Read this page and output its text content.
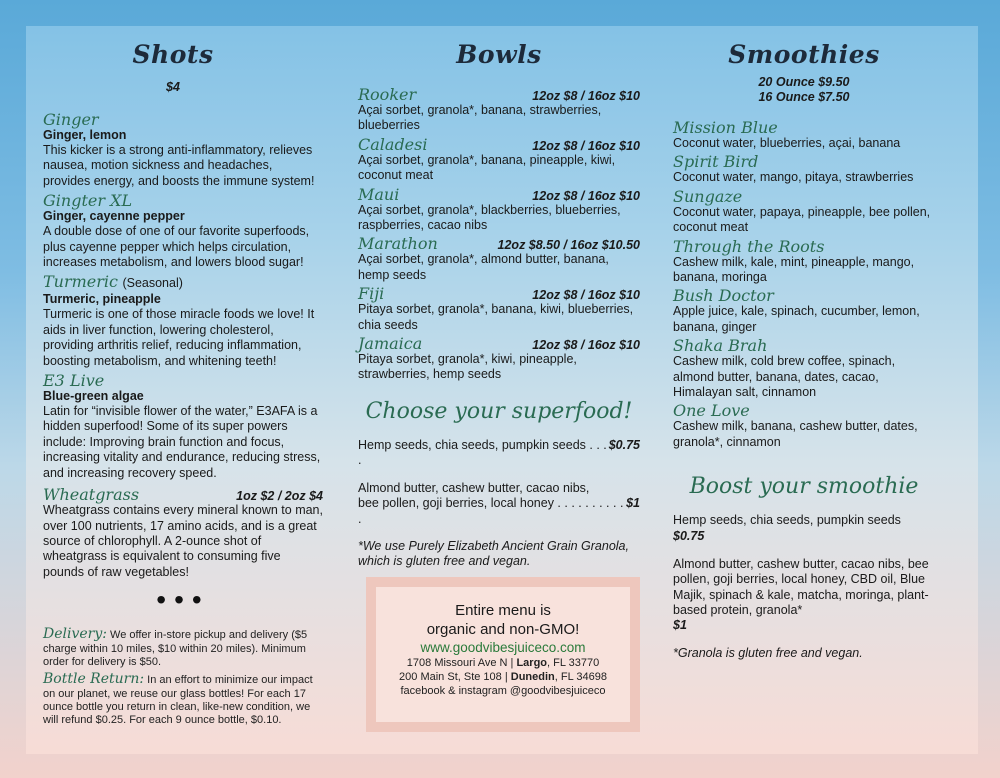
Shots
$4
Ginger
Ginger, lemon
This kicker is a strong anti-inflammatory, relieves nausea, motion sickness and headaches, provides energy, and boosts the immune system!
Gingter XL
Ginger, cayenne pepper
A double dose of one of our favorite superfoods, plus cayenne pepper which helps circulation, increases metabolism, and lowers blood sugar!
Turmeric (Seasonal)
Turmeric, pineapple
Turmeric is one of those miracle foods we love! It aids in liver function, lowering cholesterol, providing arthritis relief, reducing inflammation, boosting metabolism, and whitening teeth!
E3 Live
Blue-green algae
Latin for “invisible flower of the water,” E3AFA is a hidden superfood! Some of its super powers include: Improving brain function and focus, increasing vitality and endurance, reducing stress, and increasing recovery speed.
Wheatgrass	1oz $2 / 2oz $4
Wheatgrass contains every mineral known to man, over 100 nutrients, 17 amino acids, and is a great source of chlorophyll. A 2-ounce shot of wheatgrass is equivalent to consuming five pounds of raw vegetables!
•••
Delivery: We offer in-store pickup and delivery ($5 charge within 10 miles, $10 within 20 miles). Minimum order for delivery is $50.
Bottle Return: In an effort to minimize our impact on our planet, we reuse our glass bottles! For each 17 ounce bottle you return in clean, like-new condition, we will refund $0.25. For each 9 ounce bottle, $0.10.
Bowls
Rooker	12oz $8 / 16oz $10
Açai sorbet, granola*, banana, strawberries, blueberries
Caladesi	12oz $8 / 16oz $10
Açai sorbet, granola*, banana, pineapple, kiwi, coconut meat
Maui	12oz $8 / 16oz $10
Açai sorbet, granola*, blackberries, blueberries, raspberries, cacao nibs
Marathon	12oz $8.50 / 16oz $10.50
Açai sorbet, granola*, almond butter, banana, hemp seeds
Fiji	12oz $8 / 16oz $10
Pitaya sorbet, granola*, banana, kiwi, blueberries, chia seeds
Jamaica	12oz $8 / 16oz $10
Pitaya sorbet, granola*, kiwi, pineapple, strawberries, hemp seeds
Choose your superfood!
Hemp seeds, chia seeds, pumpkin seeds . . . .
$0.75
Almond butter, cashew butter, cacao nibs,
bee pollen, goji berries, local honey . . . . . . . . . . .
$1
*We use Purely Elizabeth Ancient Grain Granola, which is gluten free and vegan.
Entire menu is
organic and non-GMO!
www.goodvibesjuiceco.com
1708 Missouri Ave N | Largo, FL 33770
200 Main St, Ste 108 | Dunedin, FL 34698
facebook & instagram @goodvibesjuiceco
Smoothies
20 Ounce $9.50
16 Ounce $7.50
Mission Blue
Coconut water, blueberries, açai, banana
Spirit Bird
Coconut water, mango, pitaya, strawberries
Sungaze
Coconut water, papaya, pineapple, bee pollen, coconut meat
Through the Roots
Cashew milk, kale, mint, pineapple, mango, banana, moringa
Bush Doctor
Apple juice, kale, spinach, cucumber, lemon, banana, ginger
Shaka Brah
Cashew milk, cold brew coffee, spinach, almond butter, banana, dates, cacao, Himalayan salt, cinnamon
One Love
Cashew milk, banana, cashew butter, dates, granola*, cinnamon
Boost your smoothie
Hemp seeds, chia seeds, pumpkin seeds
$0.75
Almond butter, cashew butter, cacao nibs, bee pollen, goji berries, local honey, CBD oil, Blue Majik, spinach & kale, matcha, moringa, plant-based protein, granola*
$1
*Granola is gluten free and vegan.
